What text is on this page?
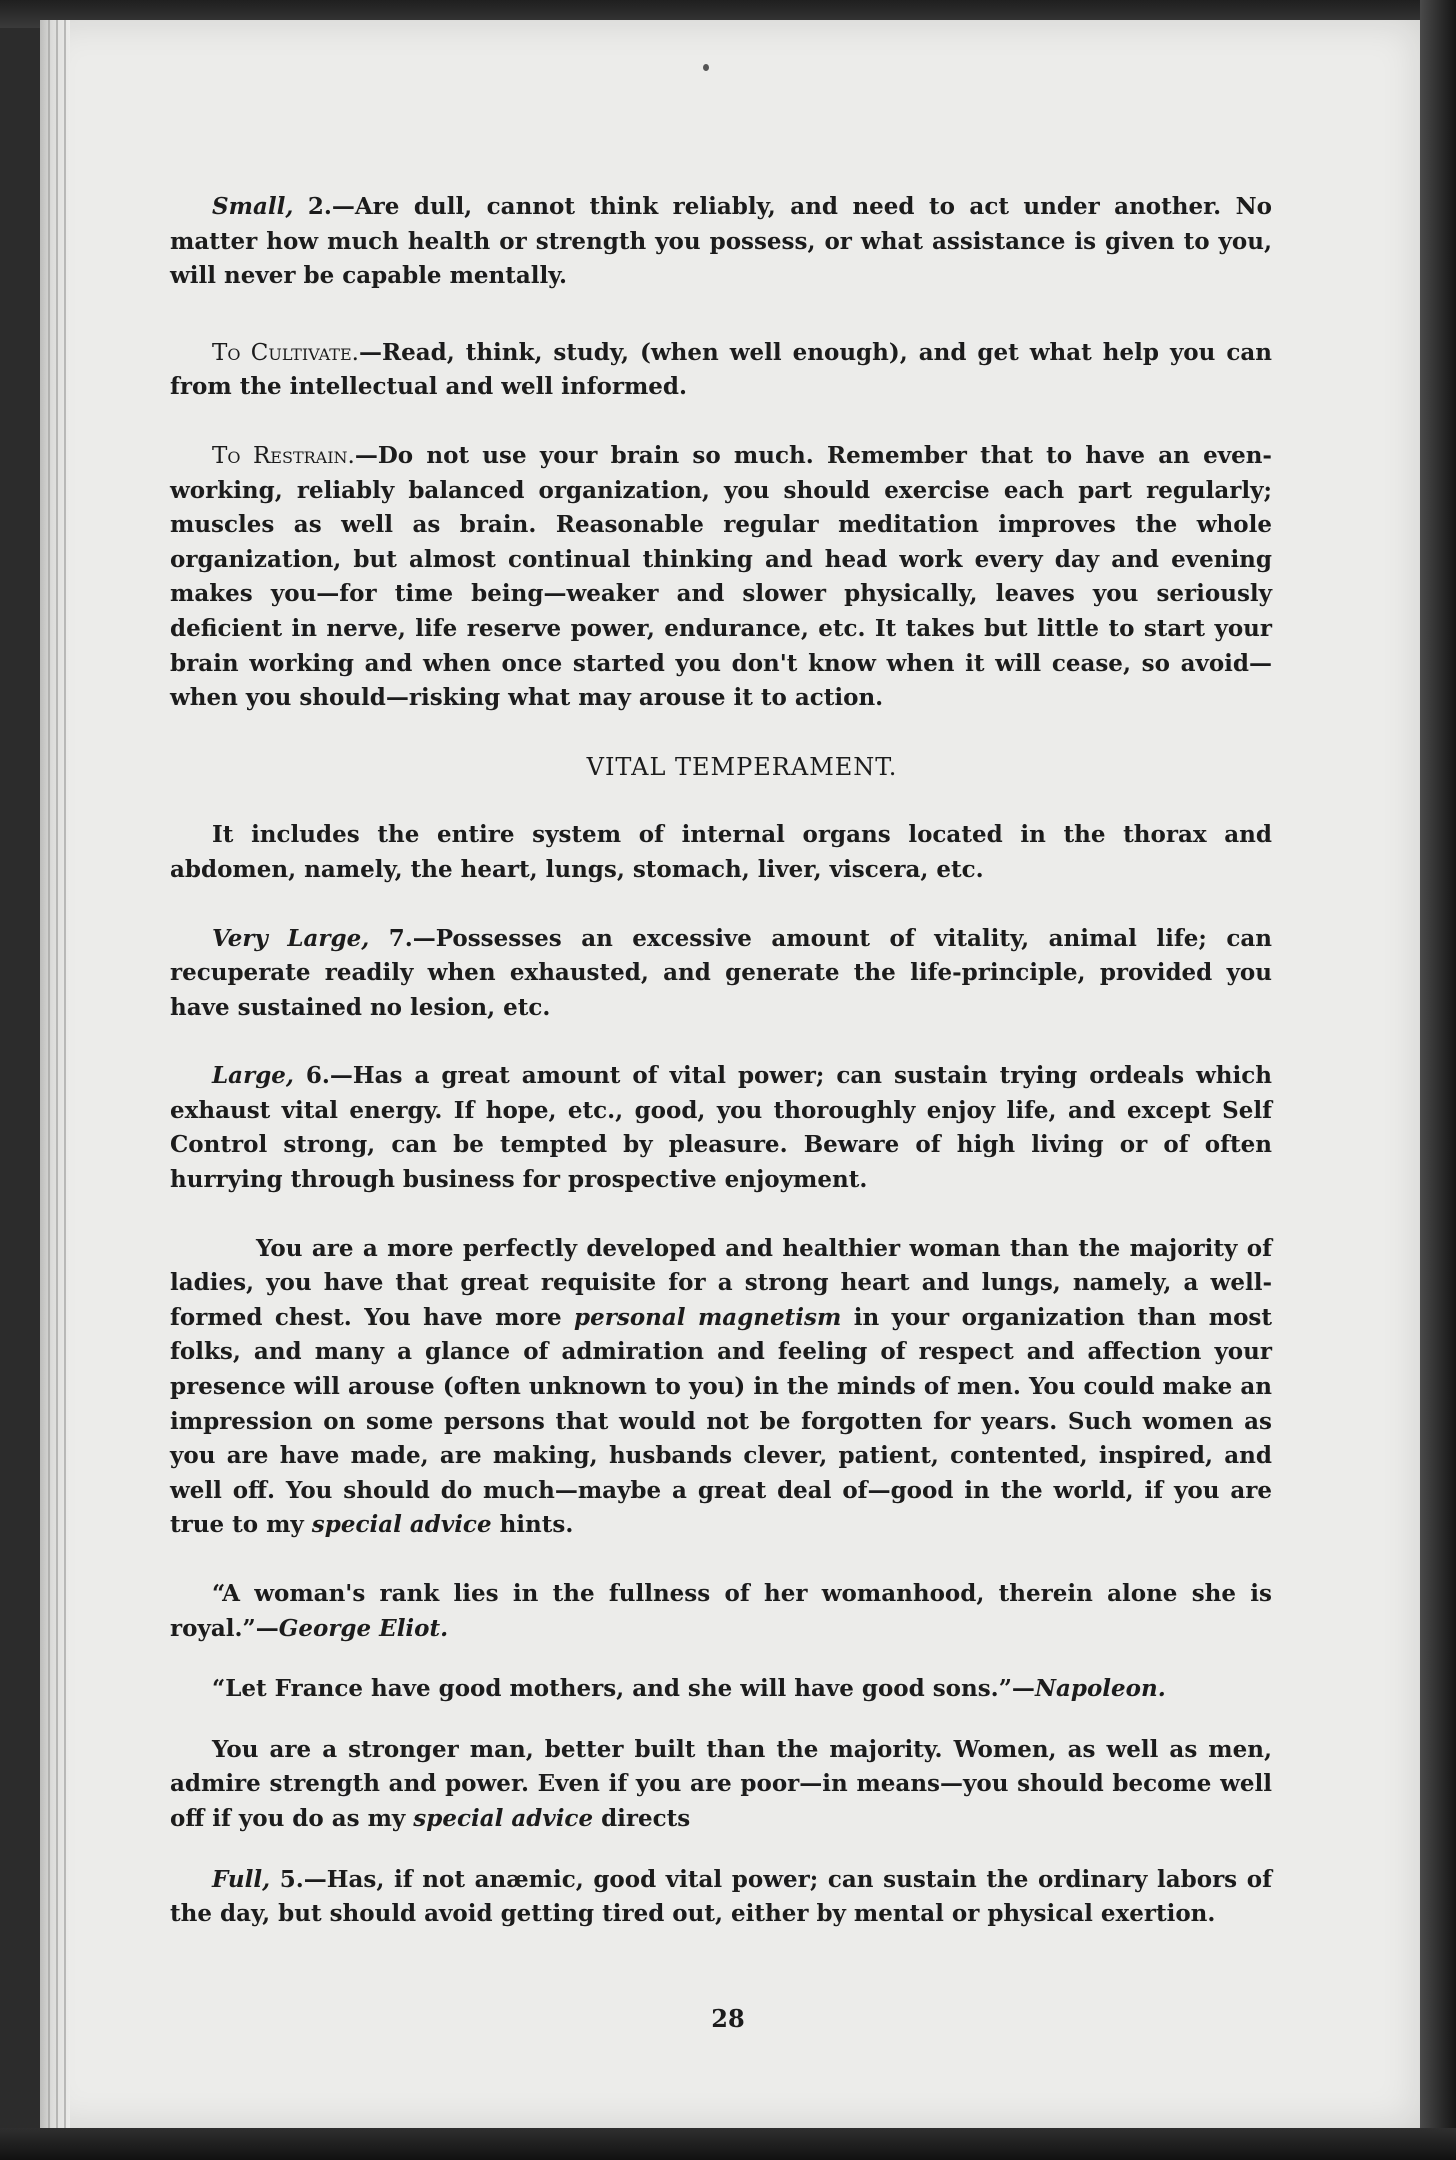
Small, 2.—Are dull, cannot think reliably, and need to act under another. No matter how much health or strength you possess, or what assistance is given to you, will never be capable mentally.

To Cultivate.—Read, think, study, (when well enough), and get what help you can from the intellectual and well informed.

To Restrain.—Do not use your brain so much. Remember that to have an even-working, reliably balanced organization, you should exercise each part regularly; muscles as well as brain. Reasonable regular meditation improves the whole organization, but almost continual thinking and head work every day and evening makes you—for time being—weaker and slower physically, leaves you seriously deficient in nerve, life reserve power, endurance, etc. It takes but little to start your brain working and when once started you don't know when it will cease, so avoid—when you should—risking what may arouse it to action.

VITAL TEMPERAMENT.

It includes the entire system of internal organs located in the thorax and abdomen, namely, the heart, lungs, stomach, liver, viscera, etc.

Very Large, 7.—Possesses an excessive amount of vitality, animal life; can recuperate readily when exhausted, and generate the life-principle, provided you have sustained no lesion, etc.

Large, 6.—Has a great amount of vital power; can sustain trying ordeals which exhaust vital energy. If hope, etc., good, you thoroughly enjoy life, and except Self Control strong, can be tempted by pleasure. Beware of high living or of often hurrying through business for prospective enjoyment.

You are a more perfectly developed and healthier woman than the majority of ladies, you have that great requisite for a strong heart and lungs, namely, a well-formed chest. You have more personal magnetism in your organization than most folks, and many a glance of admiration and feeling of respect and affection your presence will arouse (often unknown to you) in the minds of men. You could make an impression on some persons that would not be forgotten for years. Such women as you are have made, are making, husbands clever, patient, contented, inspired, and well off. You should do much—maybe a great deal of—good in the world, if you are true to my special advice hints.

“A woman's rank lies in the fullness of her womanhood, therein alone she is royal.”—George Eliot.

“Let France have good mothers, and she will have good sons.”—Napoleon.

You are a stronger man, better built than the majority. Women, as well as men, admire strength and power. Even if you are poor—in means—you should become well off if you do as my special advice directs

Full, 5.—Has, if not anæmic, good vital power; can sustain the ordinary labors of the day, but should avoid getting tired out, either by mental or physical exertion.

28
